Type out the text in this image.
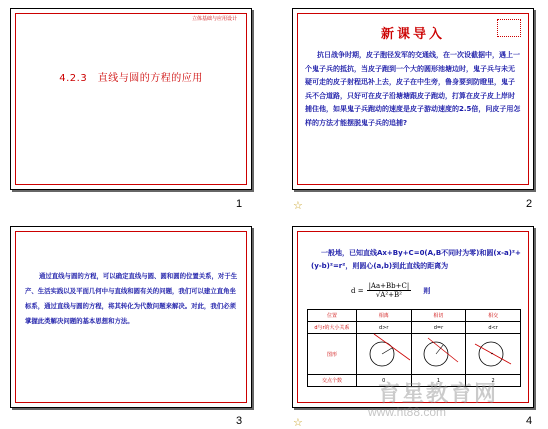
立体基础与应用设计
4.2.3　直线与圆的方程的应用
1
新课导入
抗日战争时期，皮子胞径发军的交通线，在一次设截据中，遇上一个鬼子兵的抵抗，当皮子跑到一个大的圆形池塘边时，鬼子兵与未无疑可走的皮子射程迅补上去，皮子在中生旁，鲁身要到防瞪里，鬼子兵不合道路，只好可在皮子沿塘塘跟皮子跑动，打算在皮子皮上岸时捕住他，如果鬼子兵跑动的速度是皮子游动速度的2.5倍，问皮子用怎样的方法才能摆脱鬼子兵的追捕?
☆	2
通过直线与圆的方程，可以确定直线与圆、圆和圆的位置关系，对于生产、生活实践以及平面几何中与直线和圆有关的问题，我们可以建立直角坐标系，通过直线与圆的方程，将其转化为代数问题来解决。对此，我们必须掌握此类解决问题的基本思想和方法。
3
一般地，已知直线Ax+By+C=0(A,B不同时为零)和圆(x-a)²+(y-b)²=r²，则圆心(a,b)到此直线的距离为
$d = \frac{|Aa+Bb+C|}{\text{√A²+B²}}$ 则
位置	相离	相切	相交
d与r的大小关系	d>r	d=r	d<r
图形			
交点个数	0	1	2
育星教育网
www.ht88.com
☆	4
